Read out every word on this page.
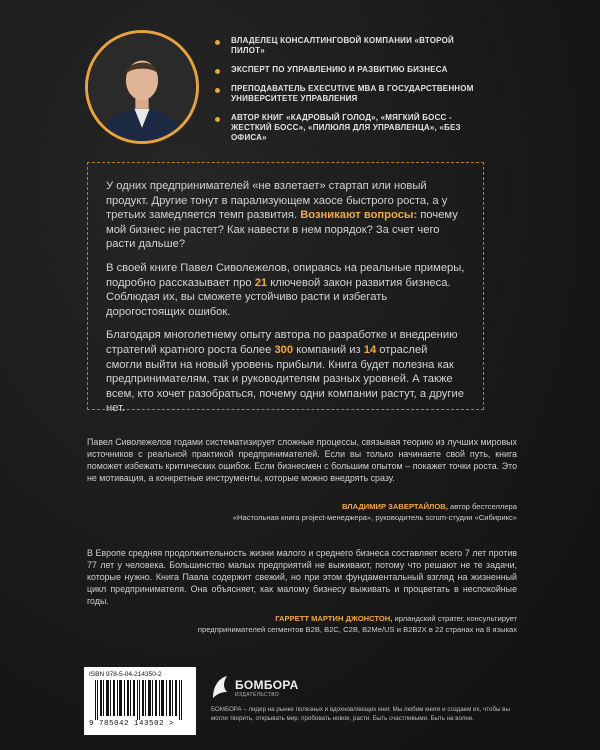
ВЛАДЕЛЕЦ КОНСАЛТИНГОВОЙ КОМПАНИИ «ВТОРОЙ ПИЛОТ»
ЭКСПЕРТ ПО УПРАВЛЕНИЮ И РАЗВИТИЮ БИЗНЕСА
ПРЕПОДАВАТЕЛЬ EXECUTIVE MBA В ГОСУДАРСТВЕННОМ УНИВЕРСИТЕТЕ УПРАВЛЕНИЯ
АВТОР КНИГ «КАДРОВЫЙ ГОЛОД», «МЯГКИЙ БОСС - ЖЕСТКИЙ БОСС», «ПИЛЮЛЯ ДЛЯ УПРАВЛЕНЦА», «БЕЗ ОФИСА»

У одних предпринимателей «не взлетает» стартап или новый продукт. Другие тонут в парализующем хаосе быстрого роста, а у третьих замедляется темп развития. Возникают вопросы: почему мой бизнес не растет? Как навести в нем порядок? За счет чего расти дальше?

В своей книге Павел Сиволежелов, опираясь на реальные примеры, подробно рассказывает про 21 ключевой закон развития бизнеса. Соблюдая их, вы сможете устойчиво расти и избегать дорогостоящих ошибок.

Благодаря многолетнему опыту автора по разработке и внедрению стратегий кратного роста более 300 компаний из 14 отраслей смогли выйти на новый уровень прибыли. Книга будет полезна как предпринимателям, так и руководителям разных уровней. А также всем, кто хочет разобраться, почему одни компании растут, а другие нет.

Павел Сиволежелов годами систематизирует сложные процессы, связывая теорию из лучших мировых источников с реальной практикой предпринимателей. Если вы только начинаете свой путь, книга поможет избежать критических ошибок. Если бизнесмен с большим опытом – покажет точки роста. Это не мотивация, а конкретные инструменты, которые можно внедрять сразу.
ВЛАДИМИР ЗАВЕРТАЙЛОВ, автор бестселлера
«Настольная книга project-менеджера», руководитель scrum-студии «Сибирикс»
В Европе средняя продолжительность жизни малого и среднего бизнеса составляет всего 7 лет против 77 лет у человека. Большинство малых предприятий не выживают, потому что решают не те задачи, которые нужно. Книга Павла содержит свежий, но при этом фундаментальный взгляд на жизненный цикл предпринимателя. Она объясняет, как малому бизнесу выживать и процветать в неспокойные годы.
ГАРРЕТТ МАРТИН ДЖОНСТОН, ирландский стратег, консультирует
предпринимателей сегментов B2B, B2C, C2B, B2Me/US и B2B2X в 22 странах на 8 языках
ISBN 978-5-04-214350-2
9 785042 143502 >
БОМБОРА
ИЗДАТЕЛЬСТВО
БОМБОРА – лидер на рынке полезных и вдохновляющих книг. Мы любим книги и создаем их, чтобы вы могли творить, открывать мир, пробовать новое, расти. Быть счастливыми. Быть на волне.
